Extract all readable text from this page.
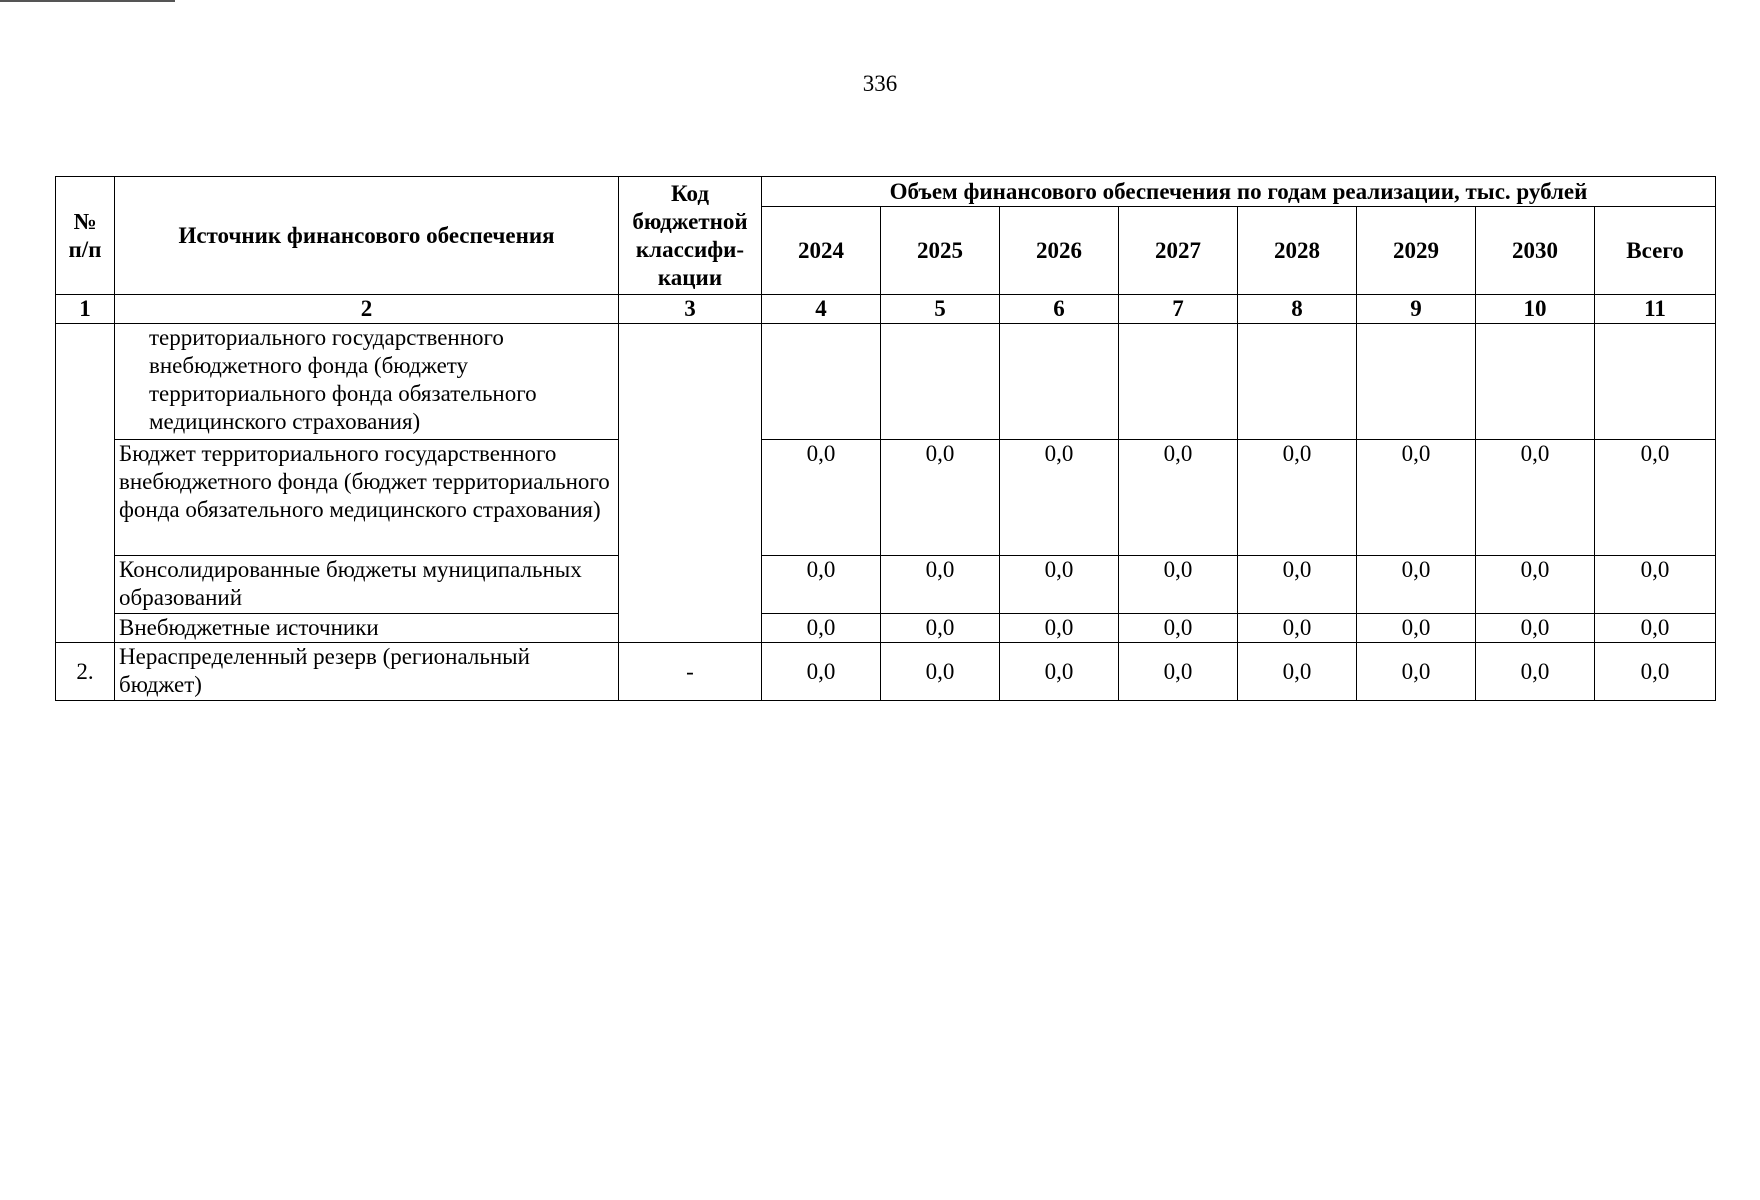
336
№
п/п	Источник финансового обеспечения	Код бюджетной классифи-кации	Объем финансового обеспечения по годам реализации, тыс. рублей							
			2024	2025	2026	2027	2028	2029	2030	Всего
1	2	3	4	5	6	7	8	9	10	11
	территориального государственного внебюджетного фонда (бюджету территориального фонда обязательного медицинского страхования)									
	Бюджет территориального государственного внебюджетного фонда (бюджет территориального фонда обязательного медицинского страхования)		0,0	0,0	0,0	0,0	0,0	0,0	0,0	0,0
	Консолидированные бюджеты муниципальных образований		0,0	0,0	0,0	0,0	0,0	0,0	0,0	0,0
	Внебюджетные источники		0,0	0,0	0,0	0,0	0,0	0,0	0,0	0,0
2.	Нераспределенный резерв (региональный бюджет)	-	0,0	0,0	0,0	0,0	0,0	0,0	0,0	0,0
